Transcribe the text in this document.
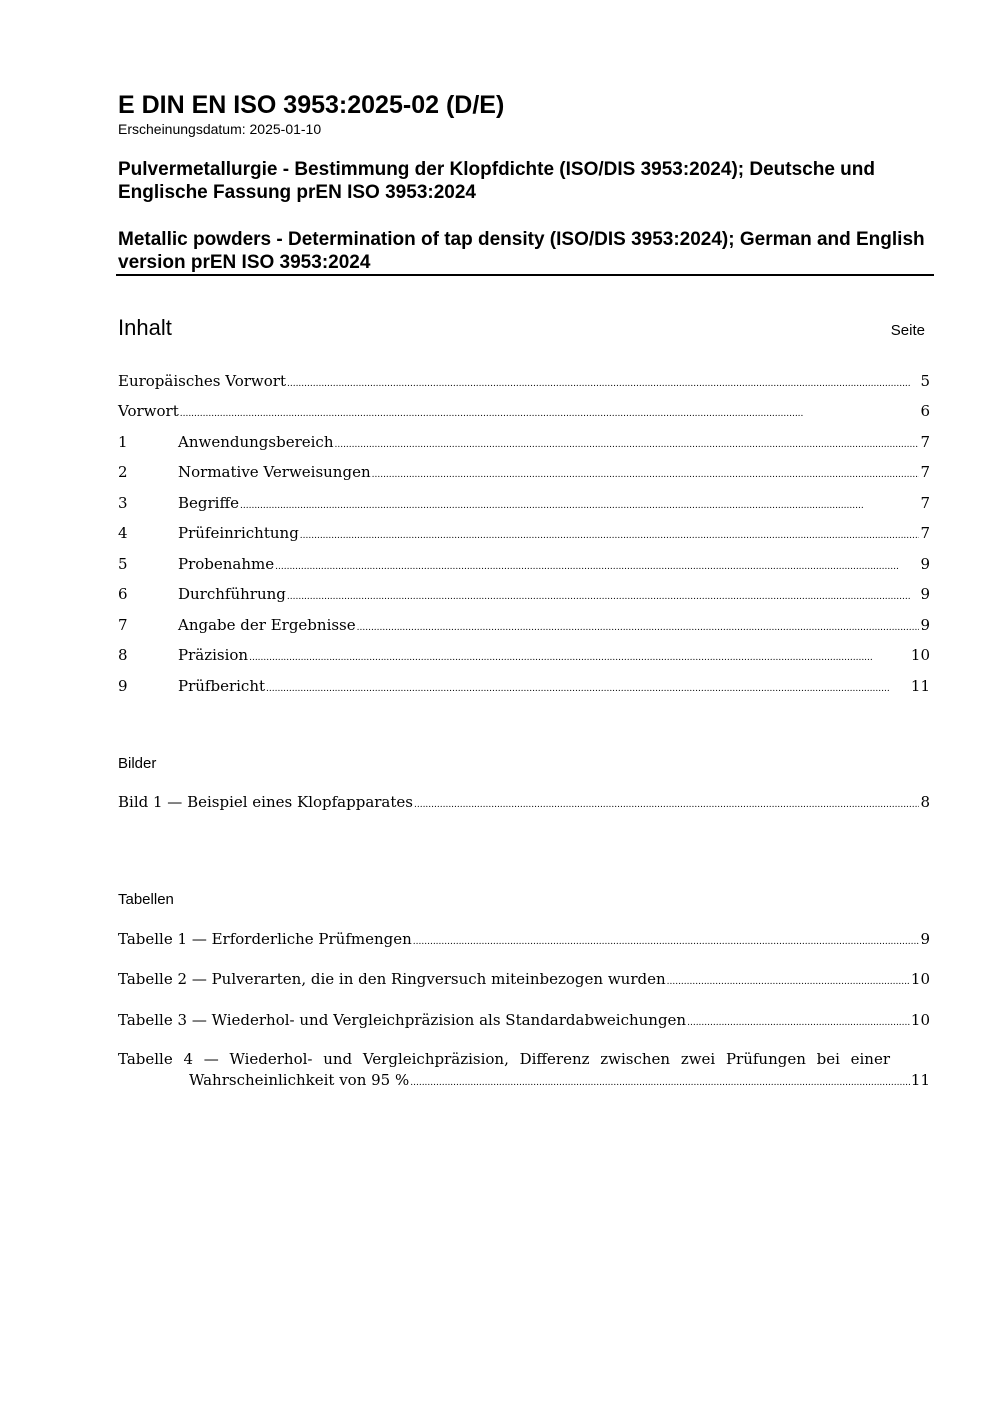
E DIN EN ISO 3953:2025-02 (D/E)
Erscheinungsdatum: 2025-01-10

Pulvermetallurgie - Bestimmung der Klopfdichte (ISO/DIS 3953:2024); Deutsche und Englische Fassung prEN ISO 3953:2024

Metallic powders - Determination of tap density (ISO/DIS 3953:2024); German and English version prEN ISO 3953:2024

Inhalt	Seite
Europäisches Vorwort .....	5
Vorwort .....	6
1	Anwendungsbereich .....	7
2	Normative Verweisungen .....	7
3	Begriffe .....	7
4	Prüfeinrichtung .....	7
5	Probenahme .....	9
6	Durchführung .....	9
7	Angabe der Ergebnisse .....	9
8	Präzision .....	10
9	Prüfbericht .....	11
Bilder
Bild 1 — Beispiel eines Klopfapparates .....	8
Tabellen
Tabelle 1 — Erforderliche Prüfmengen .....	9
Tabelle 2 — Pulverarten, die in den Ringversuch miteinbezogen wurden .....	10
Tabelle 3 — Wiederhol- und Vergleichpräzision als Standardabweichungen .....	10
Tabelle 4 — Wiederhol- und Vergleichpräzision, Differenz zwischen zwei Prüfungen bei einer
Wahrscheinlichkeit von 95 % .....	11
